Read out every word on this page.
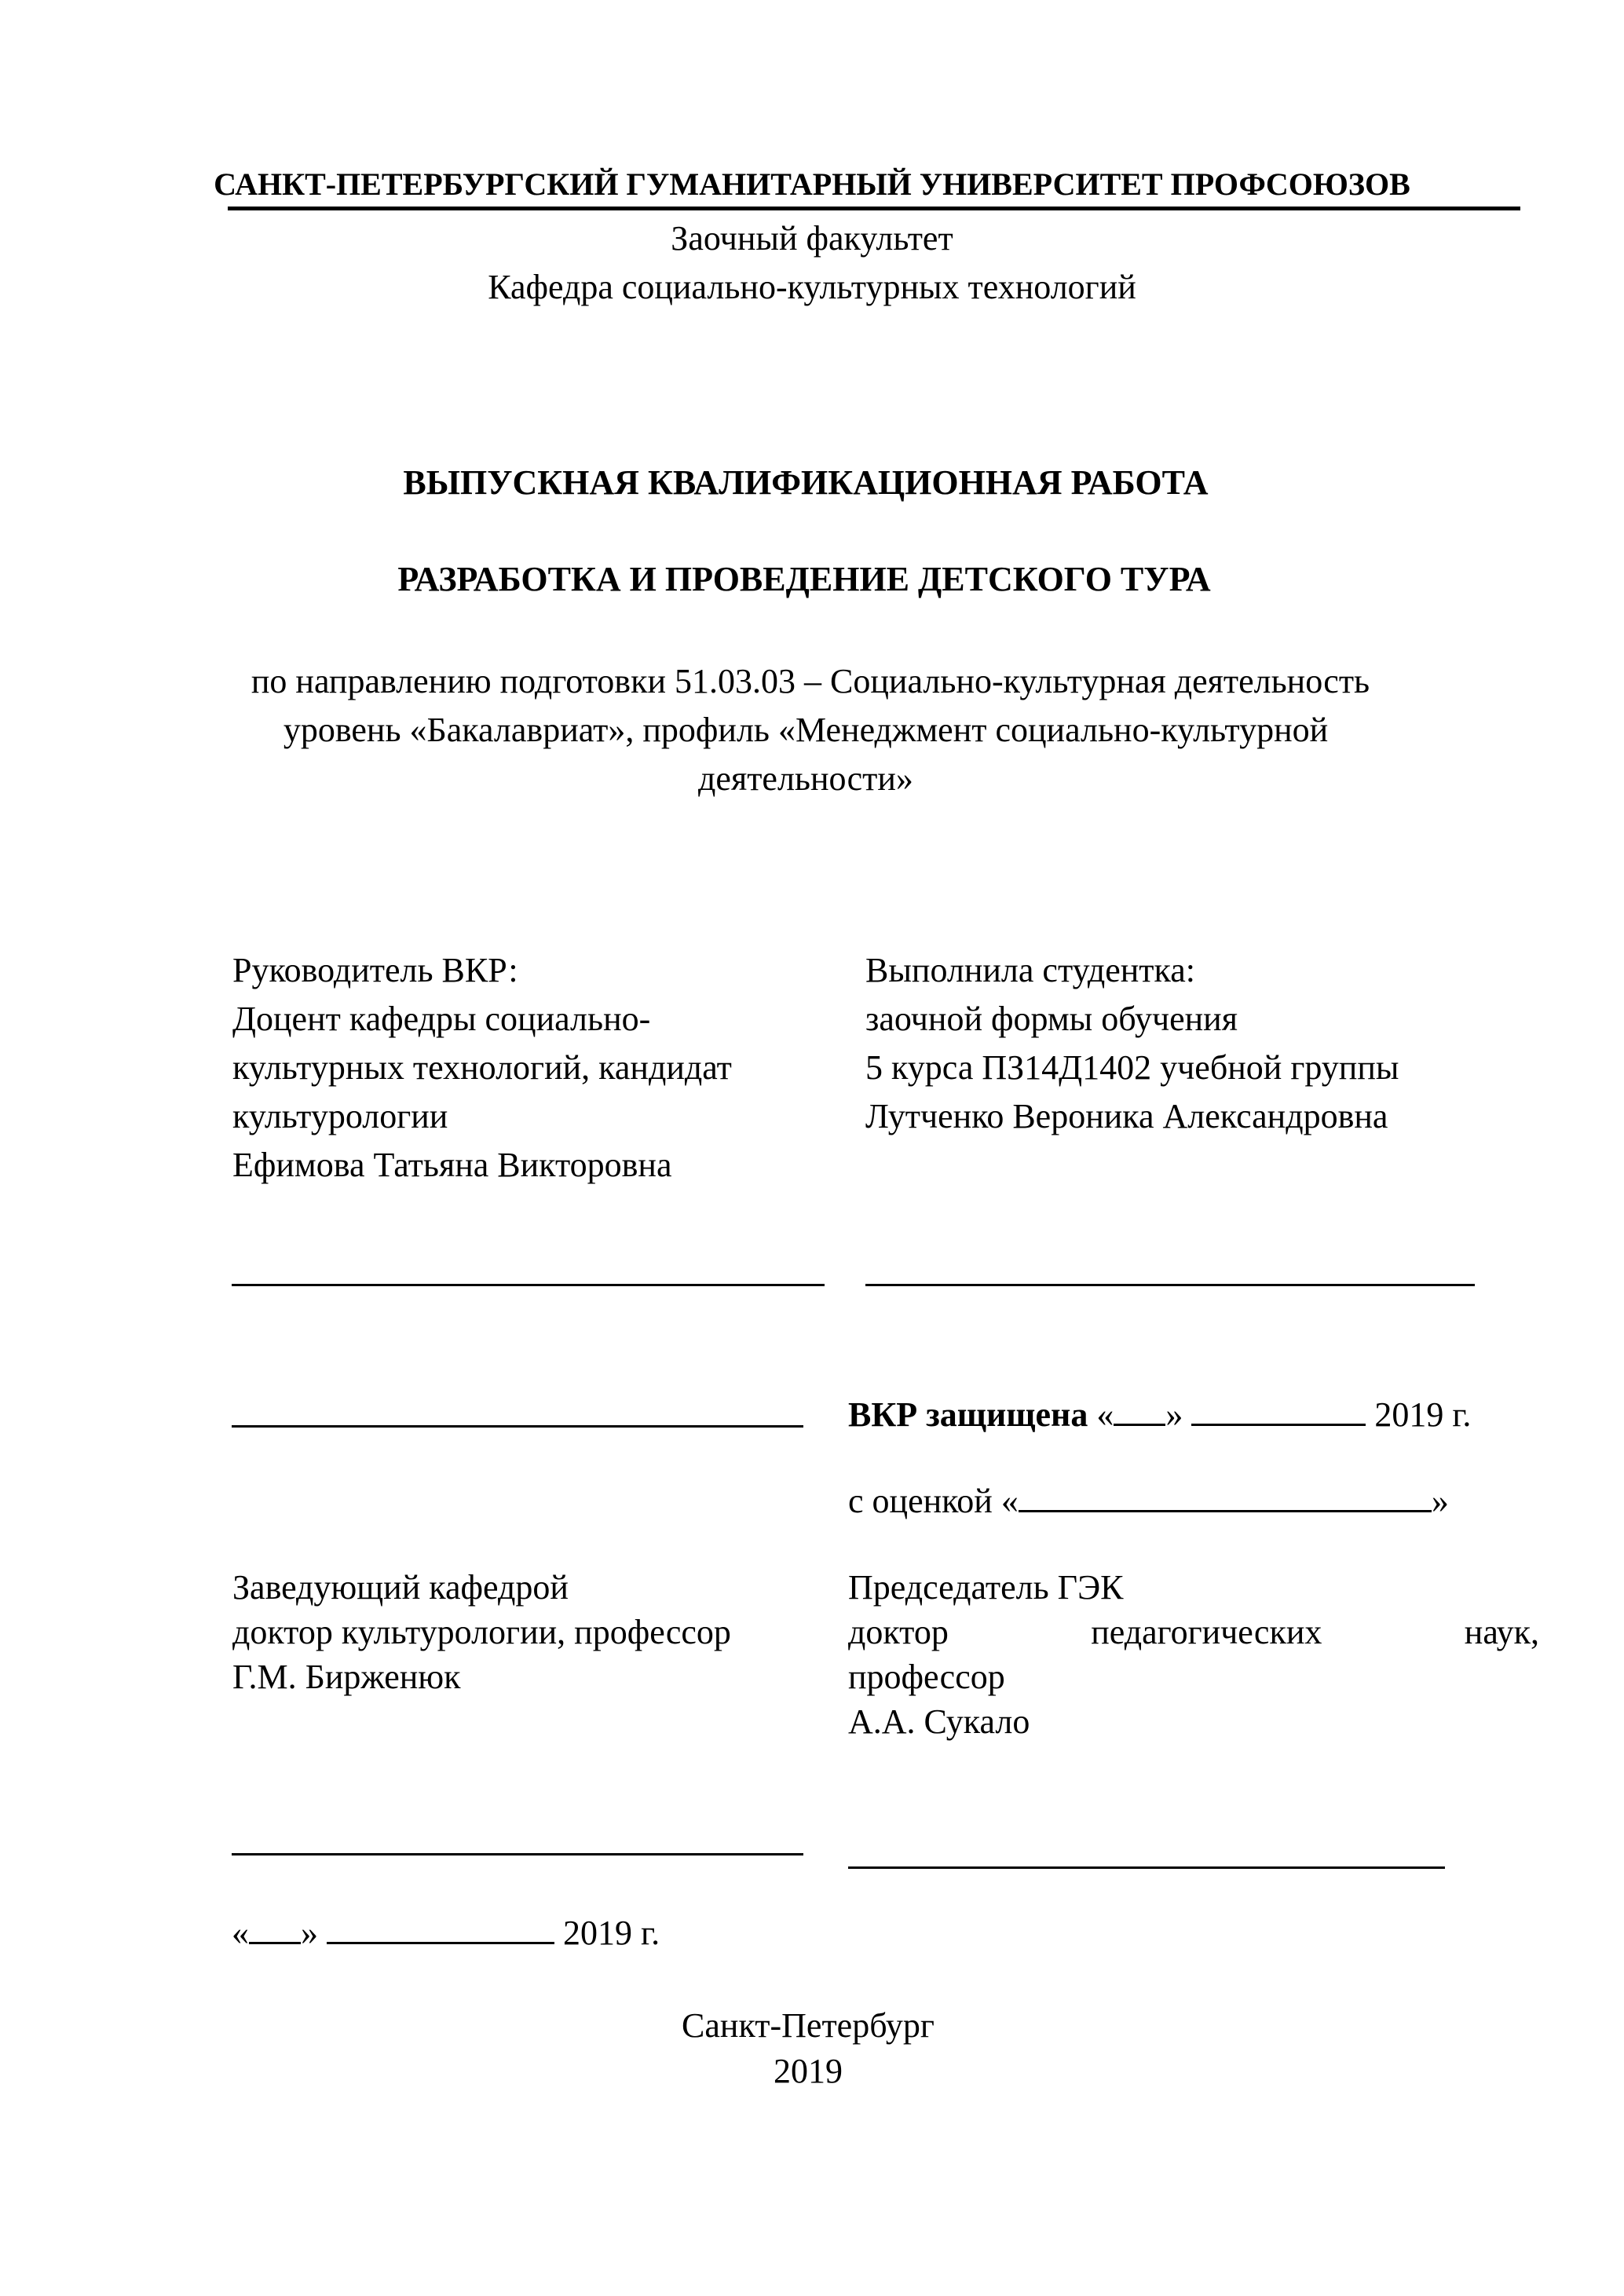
САНКТ-ПЕТЕРБУРГСКИЙ ГУМАНИТАРНЫЙ УНИВЕРСИТЕТ ПРОФСОЮЗОВ
Заочный факультет
Кафедра социально-культурных технологий
ВЫПУСКНАЯ КВАЛИФИКАЦИОННАЯ РАБОТА
РАЗРАБОТКА И ПРОВЕДЕНИЕ ДЕТСКОГО ТУРА
по направлению подготовки 51.03.03 – Социально-культурная деятельность
уровень «Бакалавриат», профиль «Менеджмент социально-культурной
деятельности»
Руководитель ВКР:
Доцент кафедры социально-
культурных технологий, кандидат
культурологии
Ефимова Татьяна Викторовна
Выполнила студентка:
заочной формы обучения
5 курса ПЗ14Д1402 учебной группы
Лутченко Вероника Александровна
ВКР защищена « »	2019 г.
с оценкой «	»
Заведующий кафедрой
доктор культурологии, профессор
Г.М. Бирженюк
Председатель ГЭК
доктор	педагогических	наук,
профессор
А.А. Сукало
« »	2019 г.
Санкт-Петербург
2019
